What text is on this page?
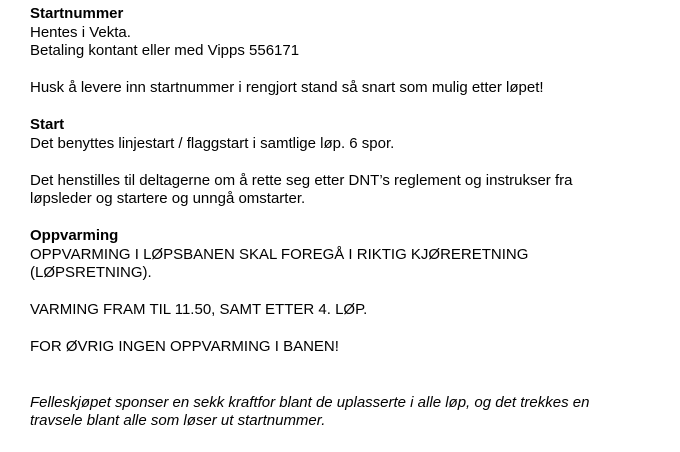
Startnummer
Hentes i Vekta.
Betaling kontant eller med Vipps 556171
Husk å levere inn startnummer i rengjort stand så snart som mulig etter løpet!
Start
Det benyttes linjestart / flaggstart i samtlige løp. 6 spor.
Det henstilles til deltagerne om å rette seg etter DNT’s reglement og instrukser fra
løpsleder og startere og unngå omstarter.
Oppvarming
OPPVARMING I LØPSBANEN SKAL FOREGÅ I RIKTIG KJØRERETNING
(LØPSRETNING).
VARMING FRAM TIL 11.50, SAMT ETTER 4. LØP.
FOR ØVRIG INGEN OPPVARMING I BANEN!
Felleskjøpet sponser en sekk kraftfor blant de uplasserte i alle løp, og det trekkes en
travsele blant alle som løser ut startnummer.
